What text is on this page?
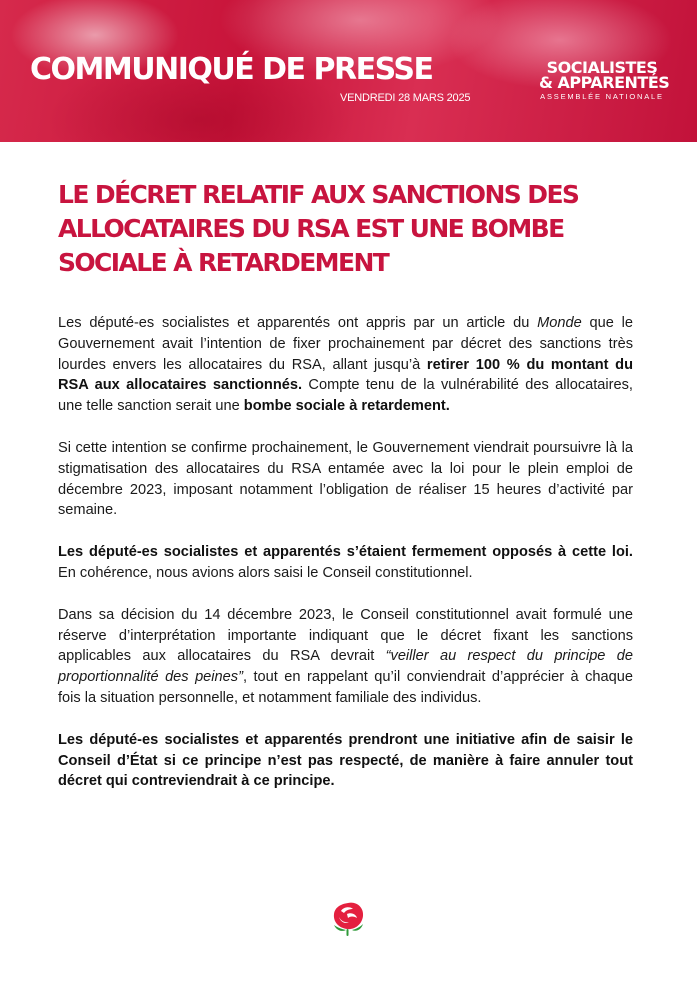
COMMUNIQUÉ DE PRESSE
VENDREDI 28 MARS 2025
SOCIALISTES
& APPARENTÉS
ASSEMBLÉE NATIONALE
LE DÉCRET RELATIF AUX SANCTIONS DES
ALLOCATAIRES DU RSA EST UNE BOMBE
SOCIALE À RETARDEMENT

Les député-es socialistes et apparentés ont appris par un article du Monde que le Gouvernement avait l’intention de fixer prochainement par décret des sanctions très lourdes envers les allocataires du RSA, allant jusqu’à retirer 100 % du montant du RSA aux allocataires sanctionnés. Compte tenu de la vulnérabilité des allocataires, une telle sanction serait une bombe sociale à retardement.

Si cette intention se confirme prochainement, le Gouvernement viendrait poursuivre là la stigmatisation des allocataires du RSA entamée avec la loi pour le plein emploi de décembre 2023, imposant notamment l’obligation de réaliser 15 heures d’activité par semaine.

Les député-es socialistes et apparentés s’étaient fermement opposés à cette loi. En cohérence, nous avions alors saisi le Conseil constitutionnel.

Dans sa décision du 14 décembre 2023, le Conseil constitutionnel avait formulé une réserve d’interprétation importante indiquant que le décret fixant les sanctions applicables aux allocataires du RSA devrait “veiller au respect du principe de proportionnalité des peines”, tout en rappelant qu’il conviendrait d’apprécier à chaque fois la situation personnelle, et notamment familiale des individus.

Les député-es socialistes et apparentés prendront une initiative afin de saisir le Conseil d’État si ce principe n’est pas respecté, de manière à faire annuler tout décret qui contreviendrait à ce principe.
